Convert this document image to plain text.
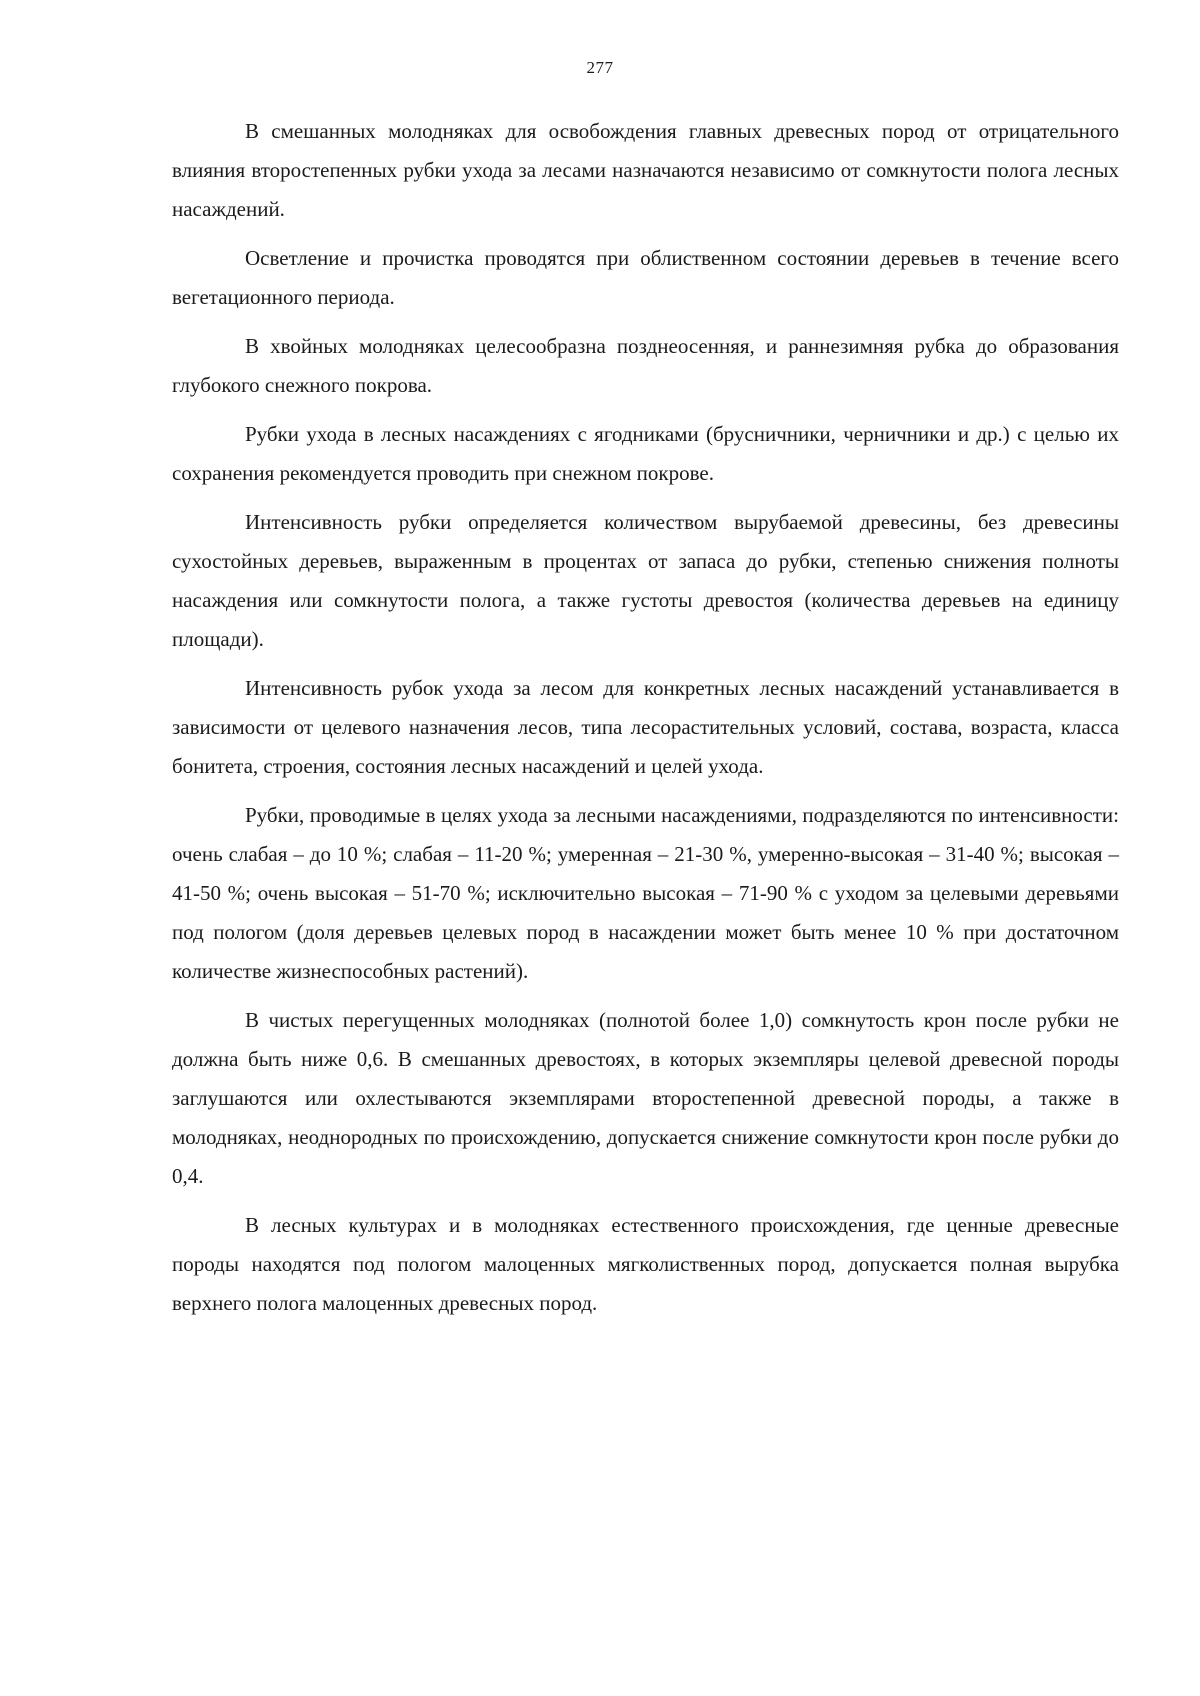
277

В смешанных молодняках для освобождения главных древесных пород от отрицательного влияния второстепенных рубки ухода за лесами назначаются независимо от сомкнутости полога лесных насаждений.

Осветление и прочистка проводятся при облиственном состоянии деревьев в течение всего вегетационного периода.

В хвойных молодняках целесообразна позднеосенняя, и раннезимняя рубка до образования глубокого снежного покрова.

Рубки ухода в лесных насаждениях с ягодниками (брусничники, черничники и др.) с целью их сохранения рекомендуется проводить при снежном покрове.

Интенсивность рубки определяется количеством вырубаемой древесины, без древесины сухостойных деревьев, выраженным в процентах от запаса до рубки, степенью снижения полноты насаждения или сомкнутости полога, а также густоты древостоя (количества деревьев на единицу площади).

Интенсивность рубок ухода за лесом для конкретных лесных насаждений устанавливается в зависимости от целевого назначения лесов, типа лесорастительных условий, состава, возраста, класса бонитета, строения, состояния лесных насаждений и целей ухода.

Рубки, проводимые в целях ухода за лесными насаждениями, подразделяются по интенсивности: очень слабая – до 10 %; слабая – 11-20 %; умеренная – 21-30 %, умеренно-высокая – 31-40 %; высокая – 41-50 %; очень высокая – 51-70 %; исключительно высокая – 71-90 % с уходом за целевыми деревьями под пологом (доля деревьев целевых пород в насаждении может быть менее 10 % при достаточном количестве жизнеспособных растений).

В чистых перегущенных молодняках (полнотой более 1,0) сомкнутость крон после рубки не должна быть ниже 0,6. В смешанных древостоях, в которых экземпляры целевой древесной породы заглушаются или охлестываются экземплярами второстепенной древесной породы, а также в молодняках, неоднородных по происхождению, допускается снижение сомкнутости крон после рубки до 0,4.

В лесных культурах и в молодняках естественного происхождения, где ценные древесные породы находятся под пологом малоценных мягколиственных пород, допускается полная вырубка верхнего полога малоценных древесных пород.
